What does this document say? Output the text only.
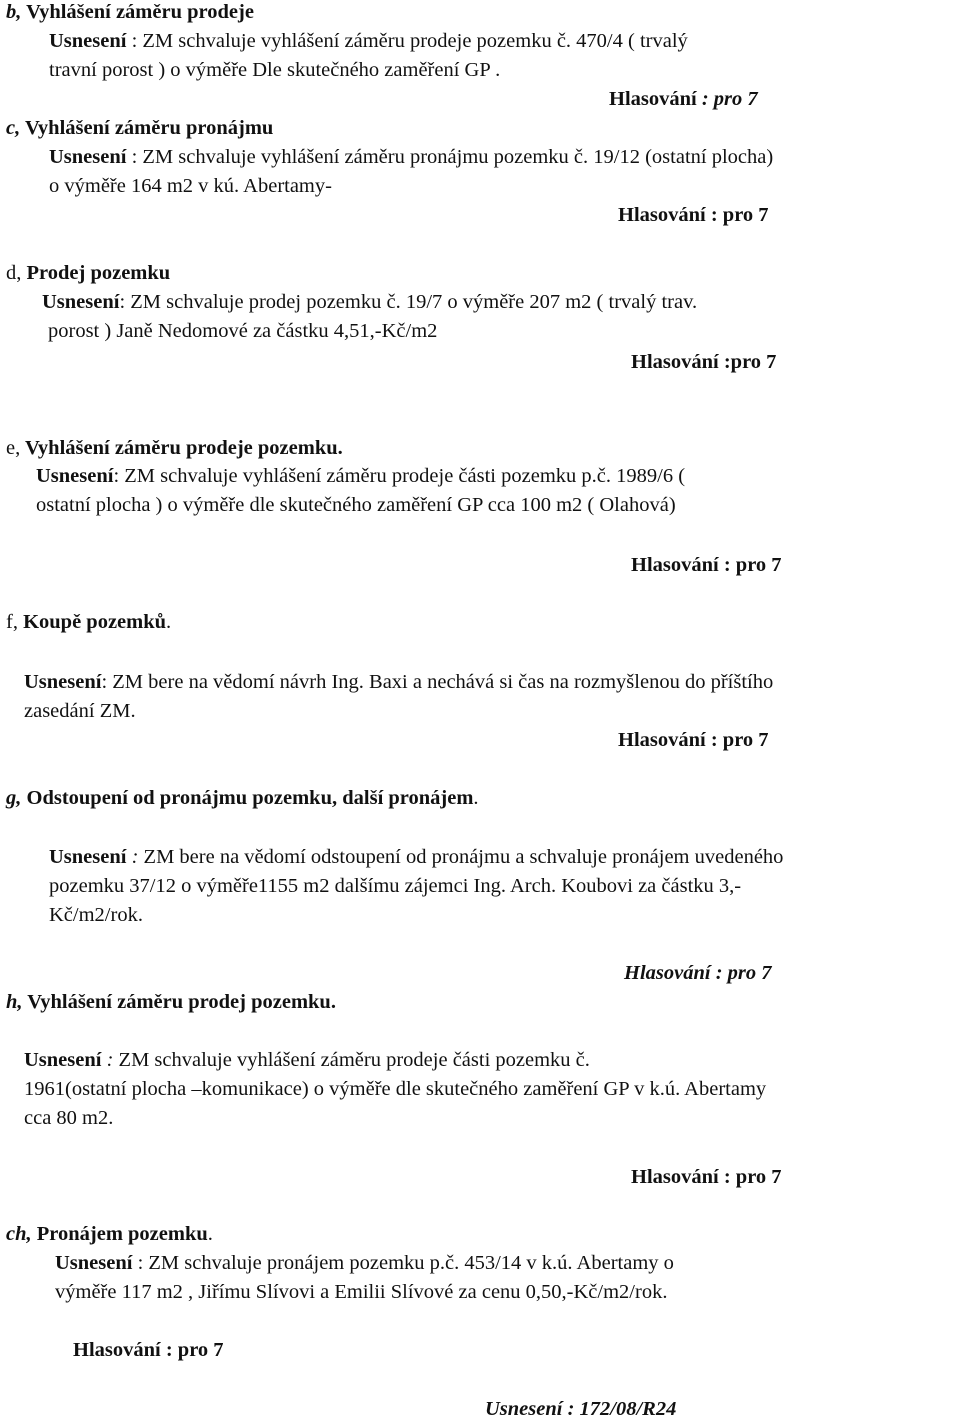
b, Vyhlášení záměru prodeje
Usnesení : ZM schvaluje vyhlášení záměru prodeje pozemku č. 470/4 ( trvalý
travní porost ) o výměře Dle skutečného zaměření GP .
Hlasování : pro 7
c, Vyhlášení záměru pronájmu
Usnesení : ZM schvaluje vyhlášení záměru pronájmu pozemku č. 19/12 (ostatní plocha)
o výměře 164 m2 v kú. Abertamy-
Hlasování : pro 7
d, Prodej pozemku
Usnesení: ZM schvaluje prodej pozemku č. 19/7 o výměře 207 m2 ( trvalý trav.
porost ) Janě Nedomové za částku 4,51,-Kč/m2
Hlasování :pro 7
e, Vyhlášení záměru prodeje pozemku.
Usnesení: ZM schvaluje vyhlášení záměru prodeje části pozemku p.č. 1989/6 (
ostatní plocha ) o výměře dle skutečného zaměření GP cca 100 m2 ( Olahová)
Hlasování : pro 7
f, Koupě pozemků.
Usnesení: ZM bere na vědomí návrh Ing. Baxi a nechává si čas na rozmyšlenou do příštího
zasedání ZM.
Hlasování : pro 7
g, Odstoupení od pronájmu pozemku, další pronájem.
Usnesení : ZM bere na vědomí odstoupení od pronájmu a schvaluje pronájem uvedeného
pozemku 37/12 o výměře1155 m2 dalšímu zájemci Ing. Arch. Koubovi za částku 3,-
Kč/m2/rok.
Hlasování : pro 7
h, Vyhlášení záměru prodej pozemku.
Usnesení : ZM schvaluje vyhlášení záměru prodeje části pozemku č.
1961(ostatní plocha –komunikace) o výměře dle skutečného zaměření GP v k.ú. Abertamy
cca 80 m2.
Hlasování : pro 7
ch, Pronájem pozemku.
Usnesení : ZM schvaluje pronájem pozemku p.č. 453/14 v k.ú. Abertamy o
výměře 117 m2 , Jiřímu Slívovi a Emilii Slívové za cenu 0,50,-Kč/m2/rok.
Hlasování : pro 7
Usnesení : 172/08/R24
